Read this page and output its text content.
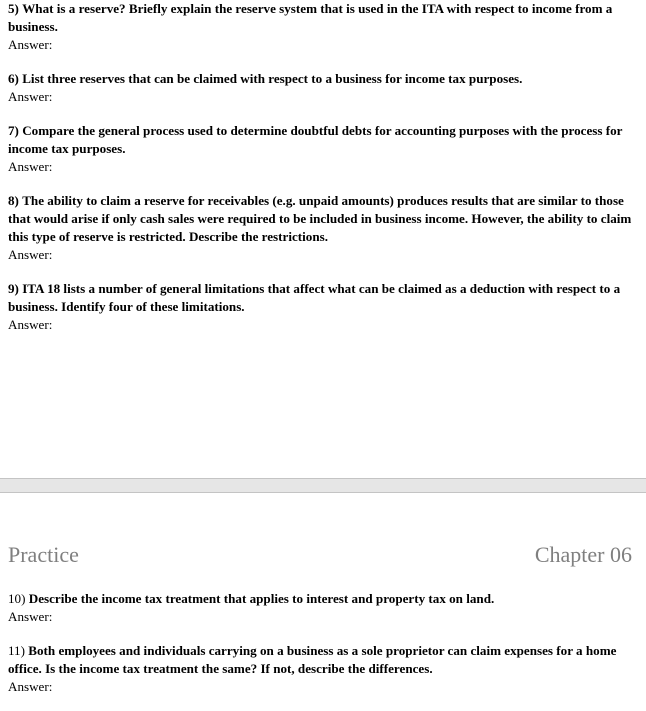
5) What is a reserve? Briefly explain the reserve system that is used in the ITA with respect to income from a business.
Answer:
6) List three reserves that can be claimed with respect to a business for income tax purposes.
Answer:
7) Compare the general process used to determine doubtful debts for accounting purposes with the process for income tax purposes.
Answer:
8) The ability to claim a reserve for receivables (e.g. unpaid amounts) produces results that are similar to those that would arise if only cash sales were required to be included in business income. However, the ability to claim this type of reserve is restricted. Describe the restrictions.
Answer:
9) ITA 18 lists a number of general limitations that affect what can be claimed as a deduction with respect to a business. Identify four of these limitations.
Answer:
Practice	Chapter 06
10) Describe the income tax treatment that applies to interest and property tax on land.
Answer:
11) Both employees and individuals carrying on a business as a sole proprietor can claim expenses for a home office. Is the income tax treatment the same? If not, describe the differences.
Answer:
